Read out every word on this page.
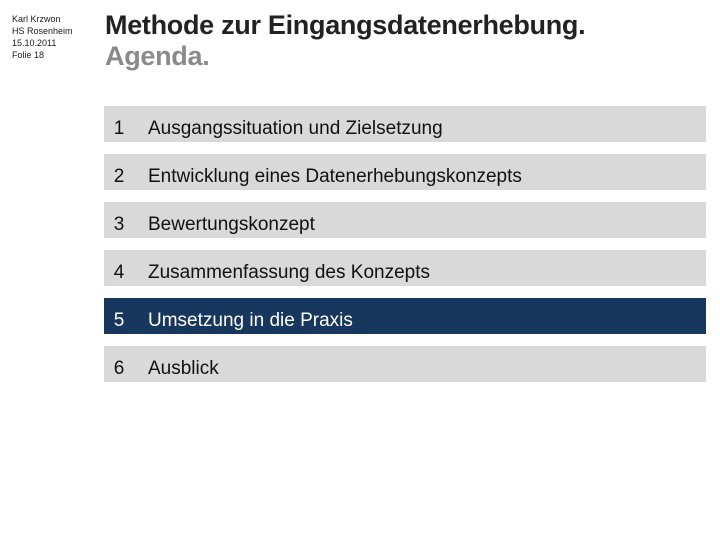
Karl Krzwon
HS Rosenheim
15.10.2011
Folie 18
Methode zur Eingangsdatenerhebung.
Agenda.
1	Ausgangssituation und Zielsetzung
2	Entwicklung eines Datenerhebungskonzepts
3	Bewertungskonzept
4	Zusammenfassung des Konzepts
5	Umsetzung in die Praxis
6	Ausblick
